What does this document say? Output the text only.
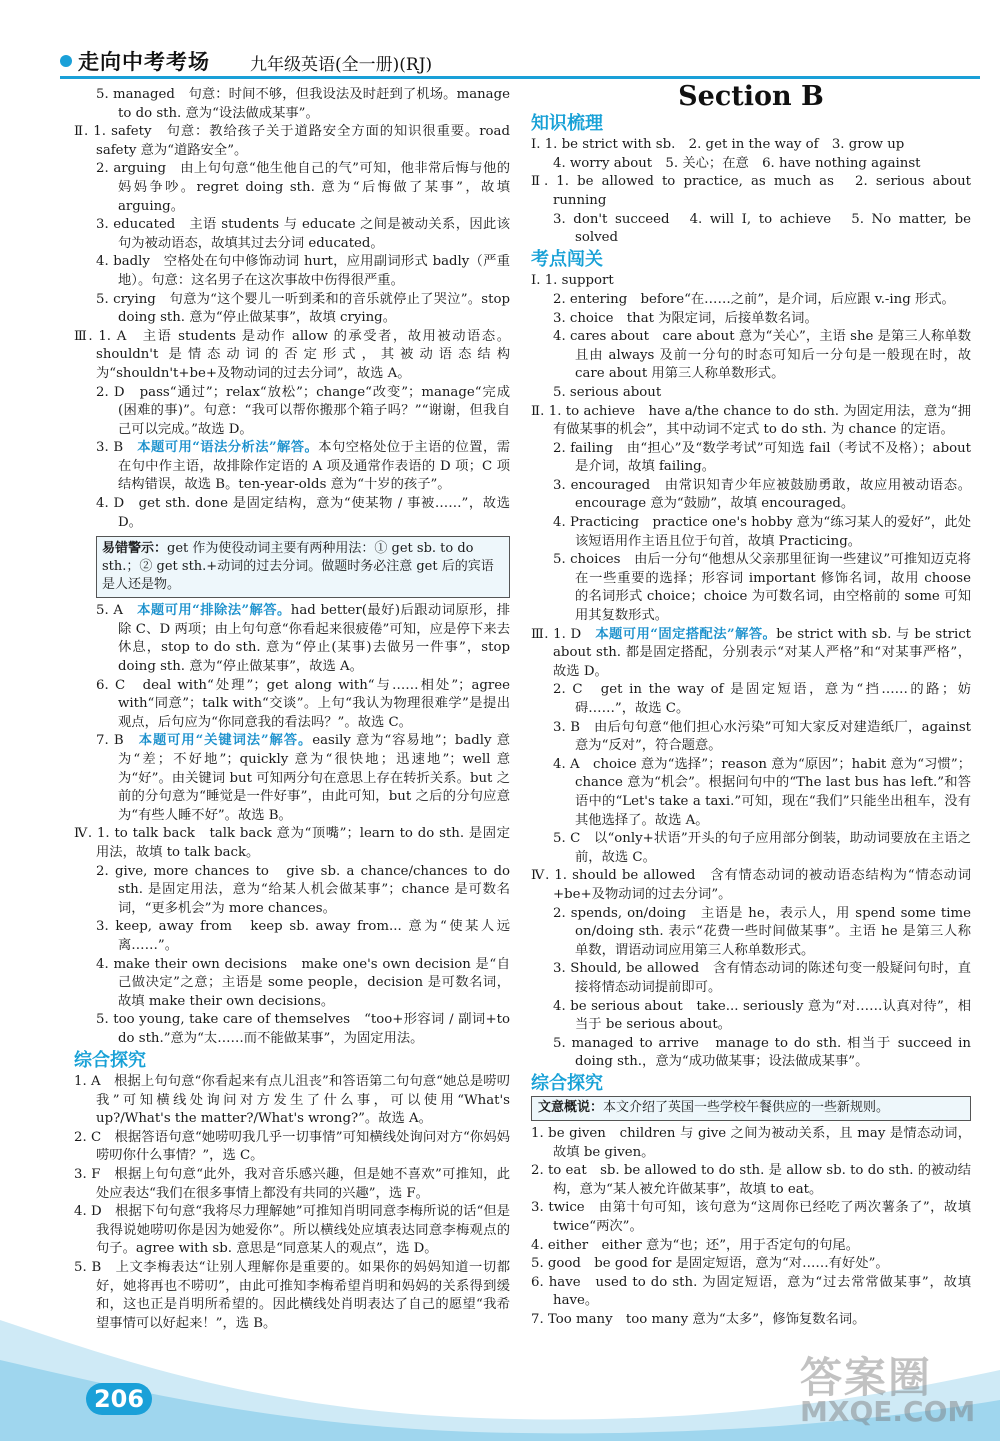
走向中考考场 九年级英语(全一册)(RJ)

5. managed　句意：时间不够，但我设法及时赶到了机场。manage to do sth. 意为“设法做成某事”。

Ⅱ. 1. safety　句意：教给孩子关于道路安全方面的知识很重要。road safety 意为“道路安全”。

2. arguing　由上句句意“他生他自己的气”可知，他非常后悔与他的妈妈争吵。regret doing sth. 意为“后悔做了某事”，故填 arguing。

3. educated　主语 students 与 educate 之间是被动关系，因此该句为被动语态，故填其过去分词 educated。

4. badly　空格处在句中修饰动词 hurt，应用副词形式 badly（严重地）。句意：这名男子在这次事故中伤得很严重。

5. crying　句意为“这个婴儿一听到柔和的音乐就停止了哭泣”。stop doing sth. 意为“停止做某事”，故填 crying。

Ⅲ. 1. A　主语 students 是动作 allow 的承受者，故用被动语态。shouldn't 是情态动词的否定形式，其被动语态结构为“shouldn't+be+及物动词的过去分词”，故选 A。

2. D　pass“通过”；relax“放松”；change“改变”；manage“完成(困难的事)”。句意：“我可以帮你搬那个箱子吗？”“谢谢，但我自己可以完成。”故选 D。

3. B　本题可用“语法分析法”解答。本句空格处位于主语的位置，需在句中作主语，故排除作定语的 A 项及通常作表语的 D 项；C 项结构错误，故选 B。ten-year-olds 意为“十岁的孩子”。

4. D　get sth. done 是固定结构，意为“使某物 / 事被……”，故选 D。

易错警示：get 作为使役动词主要有两种用法：① get sb. to do sth.；② get sth.+动词的过去分词。做题时务必注意 get 后的宾语是人还是物。

5. A　本题可用“排除法”解答。had better(最好)后跟动词原形，排除 C、D 两项；由上句句意“你看起来很疲倦”可知，应是停下来去休息，stop to do sth. 意为“停止(某事)去做另一件事”，stop doing sth. 意为“停止做某事”，故选 A。

6. C　deal with“处理”；get along with“与……相处”；agree with“同意”；talk with“交谈”。上句“我认为物理很难学”是提出观点，后句应为“你同意我的看法吗？”。故选 C。

7. B　本题可用“关键词法”解答。easily 意为“容易地”；badly 意为“差；不好地”；quickly 意为“很快地；迅速地”；well 意为“好”。由关键词 but 可知两分句在意思上存在转折关系。but 之前的分句意为“睡觉是一件好事”，由此可知，but 之后的分句应意为“有些人睡不好”。故选 B。

Ⅳ. 1. to talk back　talk back 意为“顶嘴”；learn to do sth. 是固定用法，故填 to talk back。

2. give, more chances to　give sb. a chance/chances to do sth. 是固定用法，意为“给某人机会做某事”；chance 是可数名词，“更多机会”为 more chances。

3. keep, away from　keep sb. away from... 意为“使某人远离……”。

4. make their own decisions　make one's own decision 是“自己做决定”之意；主语是 some people，decision 是可数名词，故填 make their own decisions。

5. too young, take care of themselves　“too+形容词 / 副词+to do sth.”意为“太……而不能做某事”，为固定用法。

综合探究

1. A　根据上句句意“你看起来有点儿沮丧”和答语第二句句意“她总是唠叨我”可知横线处询问对方发生了什么事，可以使用“What's up?/What's the matter?/What's wrong?”。故选 A。

2. C　根据答语句意“她唠叨我几乎一切事情”可知横线处询问对方“你妈妈唠叨你什么事情？”，选 C。

3. F　根据上句句意“此外，我对音乐感兴趣，但是她不喜欢”可推知，此处应表达“我们在很多事情上都没有共同的兴趣”，选 F。

4. D　根据下句句意“我将尽力理解她”可推知肖明同意李梅所说的话“但是我得说她唠叨你是因为她爱你”。所以横线处应填表达同意李梅观点的句子。agree with sb. 意思是“同意某人的观点”，选 D。

5. B　上文李梅表达“让别人理解你是重要的。如果你的妈妈知道一切都好，她将再也不唠叨”，由此可推知李梅希望肖明和妈妈的关系得到缓和，这也正是肖明所希望的。因此横线处肖明表达了自己的愿望“我希望事情可以好起来！”，选 B。

Section B
知识梳理

Ⅰ. 1. be strict with sb.　2. get in the way of　3. grow up

4. worry about　5. 关心；在意　6. have nothing against

Ⅱ. 1. be allowed to practice, as much as　2. serious about running

3. don't succeed　4. will I, to achieve　5. No matter, be solved

考点闯关

Ⅰ. 1. support

2. entering　before“在……之前”，是介词，后应跟 v.-ing 形式。

3. choice　that 为限定词，后接单数名词。

4. cares about　care about 意为“关心”，主语 she 是第三人称单数且由 always 及前一分句的时态可知后一分句是一般现在时，故 care about 用第三人称单数形式。

5. serious about

Ⅱ. 1. to achieve　have a/the chance to do sth. 为固定用法，意为“拥有做某事的机会”，其中动词不定式 to do sth. 为 chance 的定语。

2. failing　由“担心”及“数学考试”可知选 fail（考试不及格）；about 是介词，故填 failing。

3. encouraged　由常识知青少年应被鼓励勇敢，故应用被动语态。encourage 意为“鼓励”，故填 encouraged。

4. Practicing　practice one's hobby 意为“练习某人的爱好”，此处该短语用作主语且位于句首，故填 Practicing。

5. choices　由后一分句“他想从父亲那里征询一些建议”可推知迈克将在一些重要的选择；形容词 important 修饰名词，故用 choose 的名词形式 choice；choice 为可数名词，由空格前的 some 可知用其复数形式。

Ⅲ. 1. D　本题可用“固定搭配法”解答。be strict with sb. 与 be strict about sth. 都是固定搭配，分别表示“对某人严格”和“对某事严格”，故选 D。

2. C　get in the way of 是固定短语，意为“挡……的路；妨碍……”，故选 C。

3. B　由后句句意“他们担心水污染”可知大家反对建造纸厂，against 意为“反对”，符合题意。

4. A　choice 意为“选择”；reason 意为“原因”；habit 意为“习惯”；chance 意为“机会”。根据问句中的“The last bus has left.”和答语中的“Let's take a taxi.”可知，现在“我们”只能坐出租车，没有其他选择了。故选 A。

5. C　以“only+状语”开头的句子应用部分倒装，助动词要放在主语之前，故选 C。

Ⅳ. 1. should be allowed　含有情态动词的被动语态结构为“情态动词+be+及物动词的过去分词”。

2. spends, on/doing　主语是 he，表示人，用 spend some time on/doing sth. 表示“花费一些时间做某事”。主语 he 是第三人称单数，谓语动词应用第三人称单数形式。

3. Should, be allowed　含有情态动词的陈述句变一般疑问句时，直接将情态动词提前即可。

4. be serious about　take... seriously 意为“对……认真对待”，相当于 be serious about。

5. managed to arrive　manage to do sth. 相当于 succeed in doing sth.，意为“成功做某事；设法做成某事”。

综合探究
文意概说：本文介绍了英国一些学校午餐供应的一些新规则。

1. be given　children 与 give 之间为被动关系，且 may 是情态动词，故填 be given。

2. to eat　sb. be allowed to do sth. 是 allow sb. to do sth. 的被动结构，意为“某人被允许做某事”，故填 to eat。

3. twice　由第十句可知，该句意为“这周你已经吃了两次薯条了”，故填 twice“两次”。

4. either　either 意为“也；还”，用于否定句的句尾。

5. good　be good for 是固定短语，意为“对……有好处”。

6. have　used to do sth. 为固定短语，意为“过去常常做某事”，故填 have。

7. Too many　too many 意为“太多”，修饰复数名词。

206	答案圈
MXQE.COM
